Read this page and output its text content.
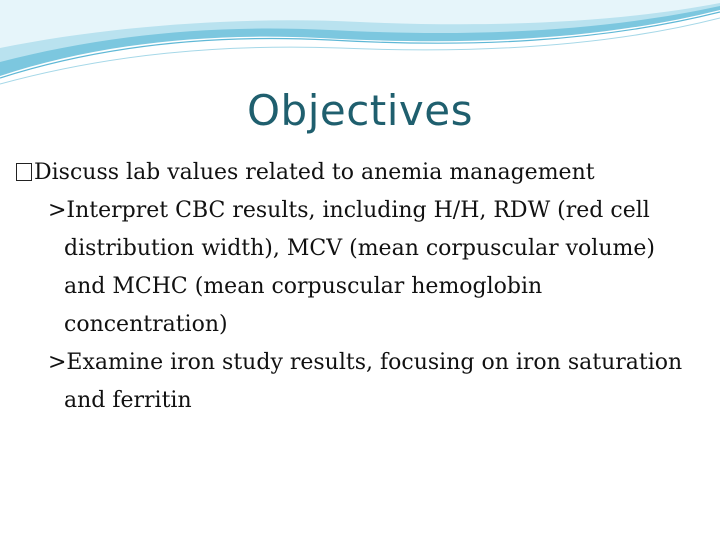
Objectives
Discuss lab values related to anemia management
>Interpret CBC results, including H/H, RDW (red cell distribution width), MCV (mean corpuscular volume) and MCHC (mean corpuscular hemoglobin concentration)
>Examine iron study results, focusing on iron saturation and ferritin
